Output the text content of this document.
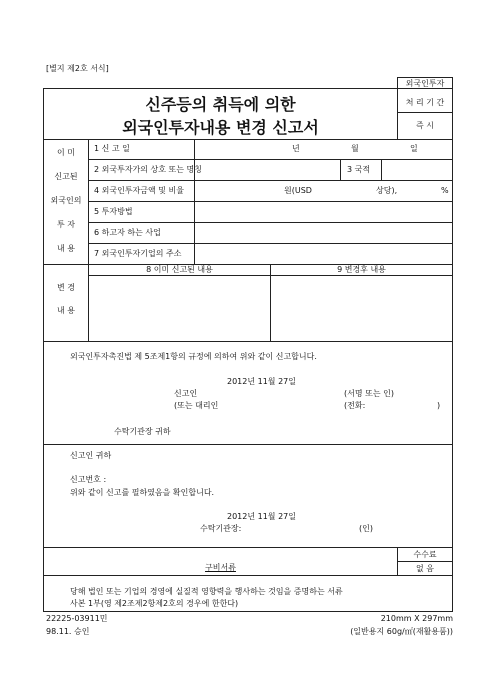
[별지 제2호 서식]
외국인투자
처 리 기 간
즉 시
신주등의 취득에 의한
외국인투자내용 변경 신고서
이 미
신고된
외국인의
투 자
내 용
1 신 고 일	년	월	일
2 외국투자가의 상호 또는 명칭	3 국적
4 외국인투자금액 및 비율	원(USD	상당),	%
5 투자방법
6 하고자 하는 사업
7 외국인투자기업의 주소
8 이미 신고된 내용	9 변경후 내용
변 경
내 용
외국인투자촉진법 제 5조제1항의 규정에 의하여 위와 같이 신고합니다.
2012년 11월 27일
신고인	(서명 또는 인)
(또는 대리인	(전화:	)
수탁기관장 귀하
신고인 귀하
신고번호 :
위와 같이 신고를 필하였음을 확인합니다.
2012년 11월 27일
수탁기관장:	(인)
수수료
없 음
구비서류
당해 법인 또는 기업의 경영에 실질적 영향력을 행사하는 것임을 증명하는 서류
사본 1부(영 제2조제2항제2호의 경우에 한한다)
22225-03911민
98.11. 승인
210mm X 297mm
(일반용지 60g/㎡(재활용품))
